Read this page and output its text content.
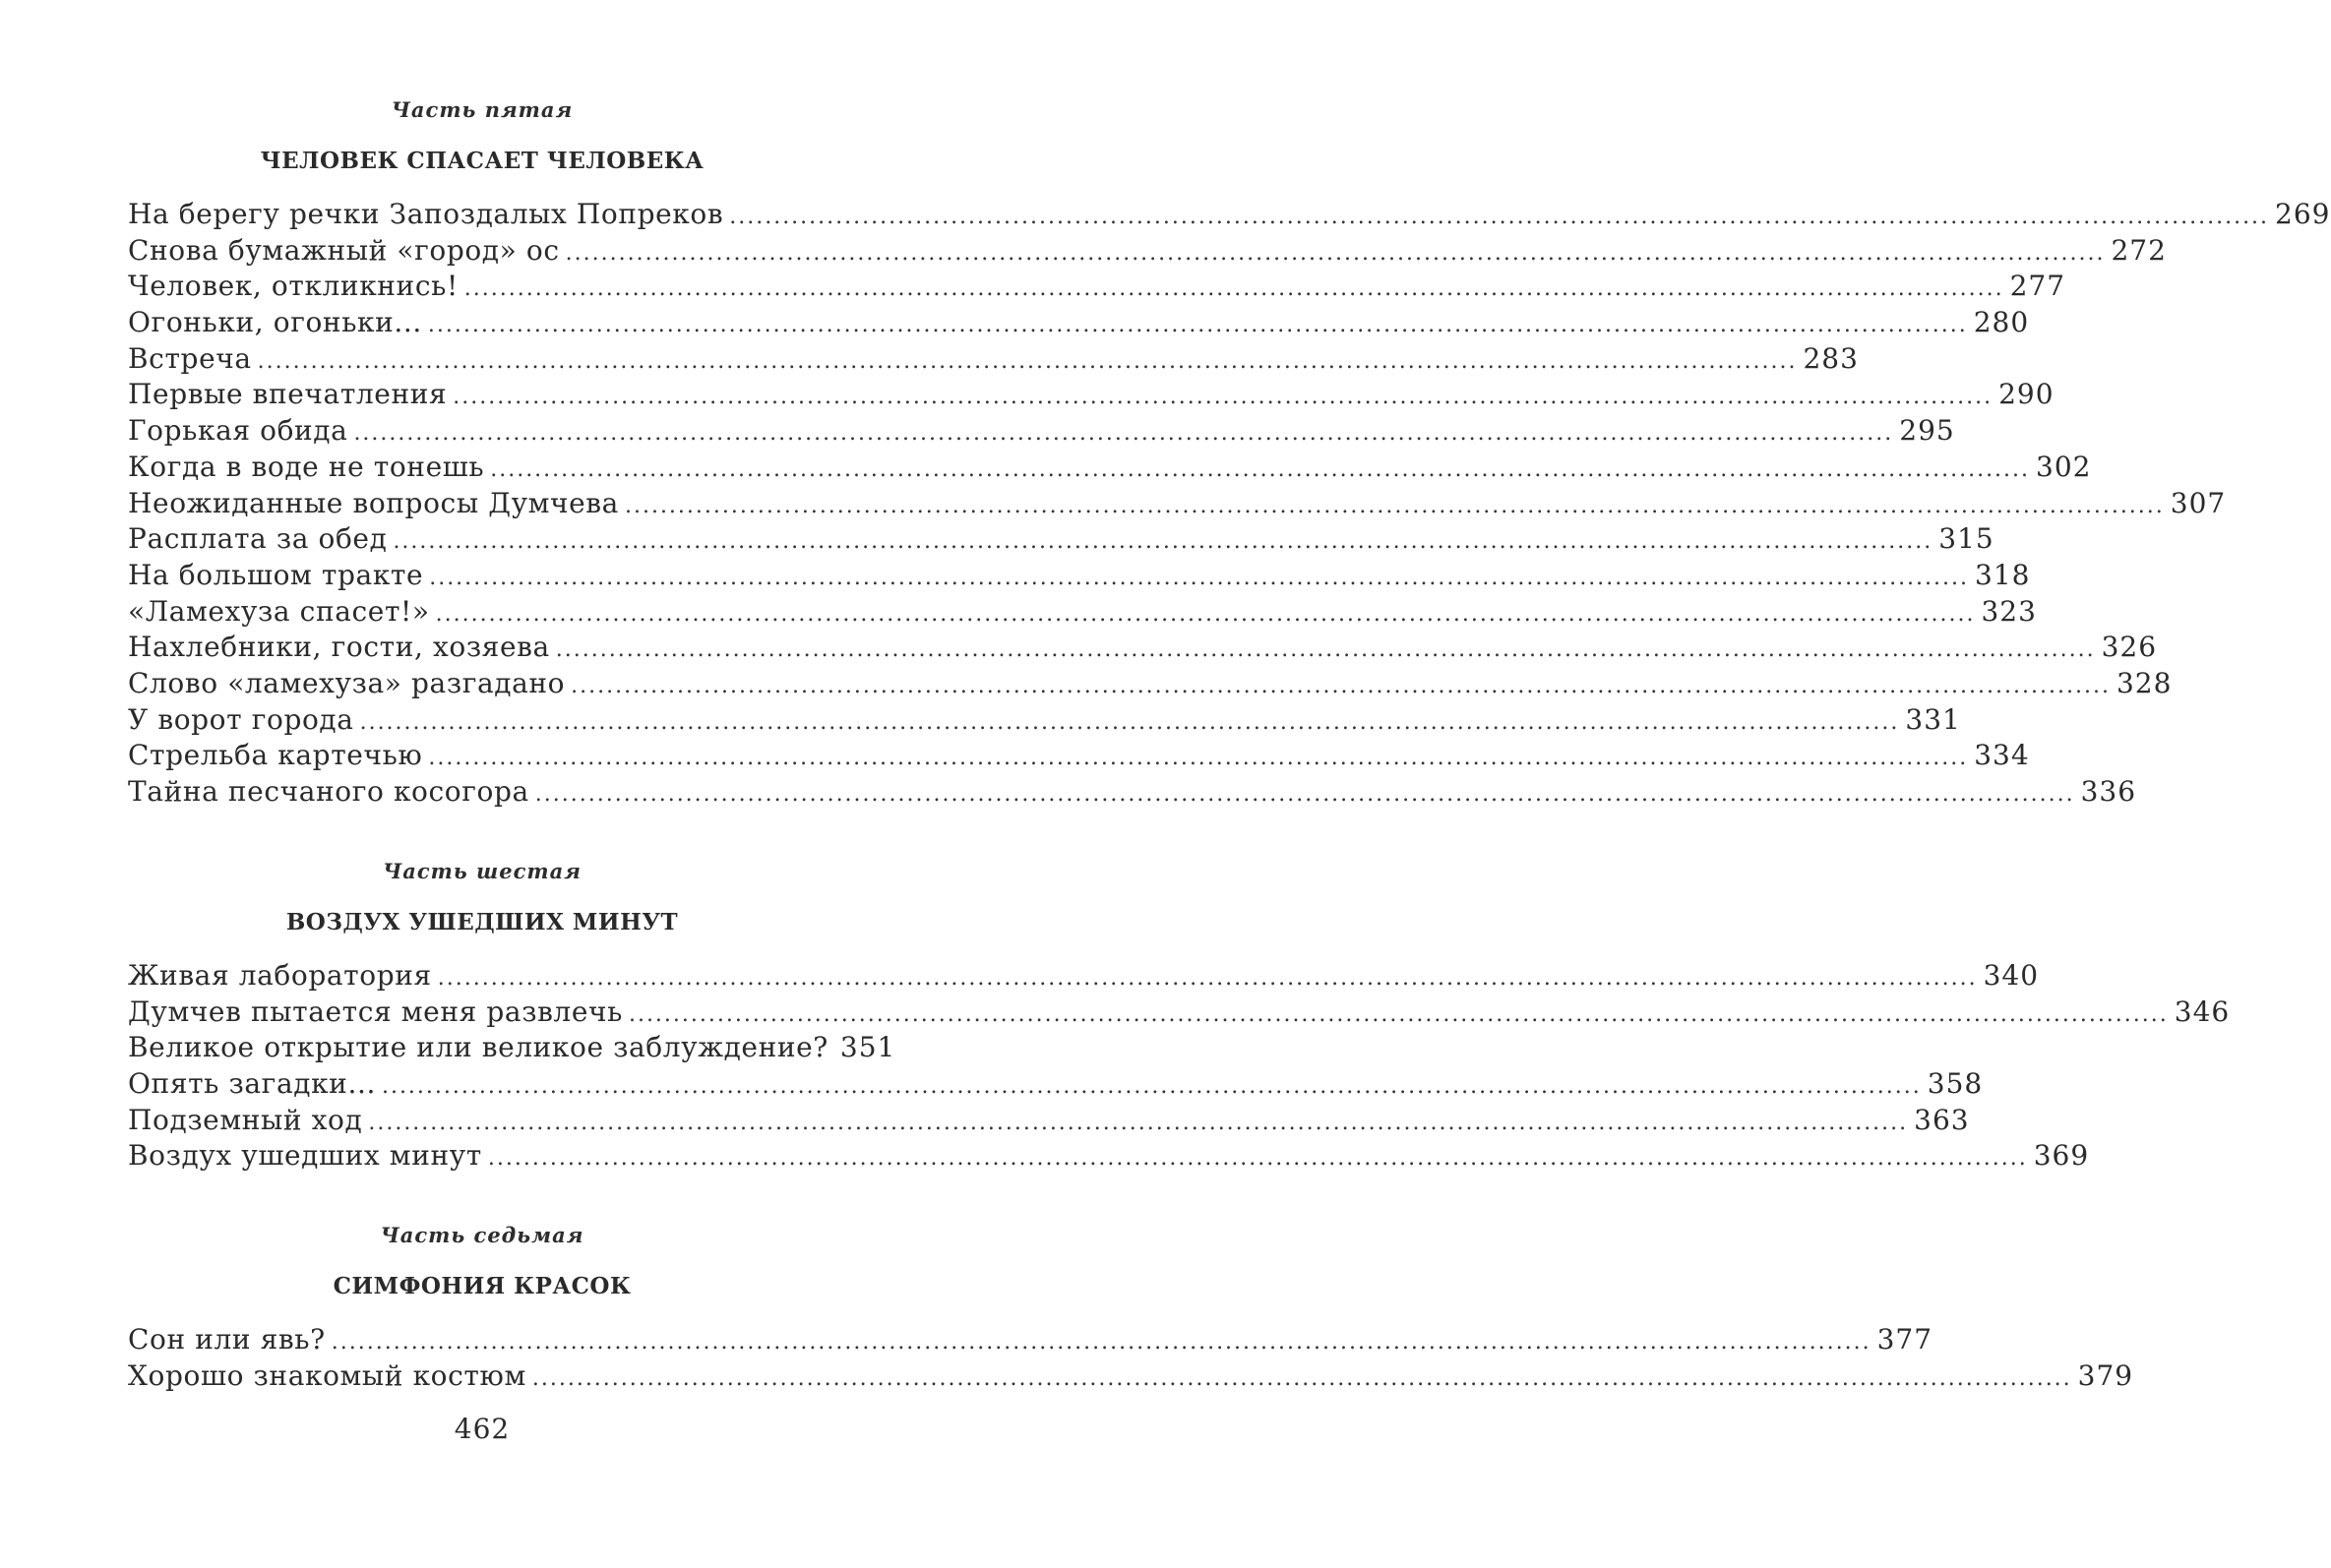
Часть пятая
ЧЕЛОВЕК СПАСАЕТ ЧЕЛОВЕКА
На берегу речки Запоздалых Попреков .....	269
Снова бумажный «город» ос .....	272
Человек, откликнись! .....	277
Огоньки, огоньки... .....	280
Встреча .....	283
Первые впечатления .....	290
Горькая обида .....	295
Когда в воде не тонешь .....	302
Неожиданные вопросы Думчева .....	307
Расплата за обед .....	315
На большом тракте .....	318
«Ламехуза спасет!» .....	323
Нахлебники, гости, хозяева .....	326
Слово «ламехуза» разгадано .....	328
У ворот города .....	331
Стрельба картечью .....	334
Тайна песчаного косогора .....	336
Часть шестая
ВОЗДУХ УШЕДШИХ МИНУТ
Живая лаборатория .....	340
Думчев пытается меня развлечь .....	346
Великое открытие или великое заблуждение? 351
Опять загадки... .....	358
Подземный ход .....	363
Воздух ушедших минут .....	369
Часть седьмая
СИМФОНИЯ КРАСОК
Сон или явь? .....	377
Хорошо знакомый костюм .....	379
462
